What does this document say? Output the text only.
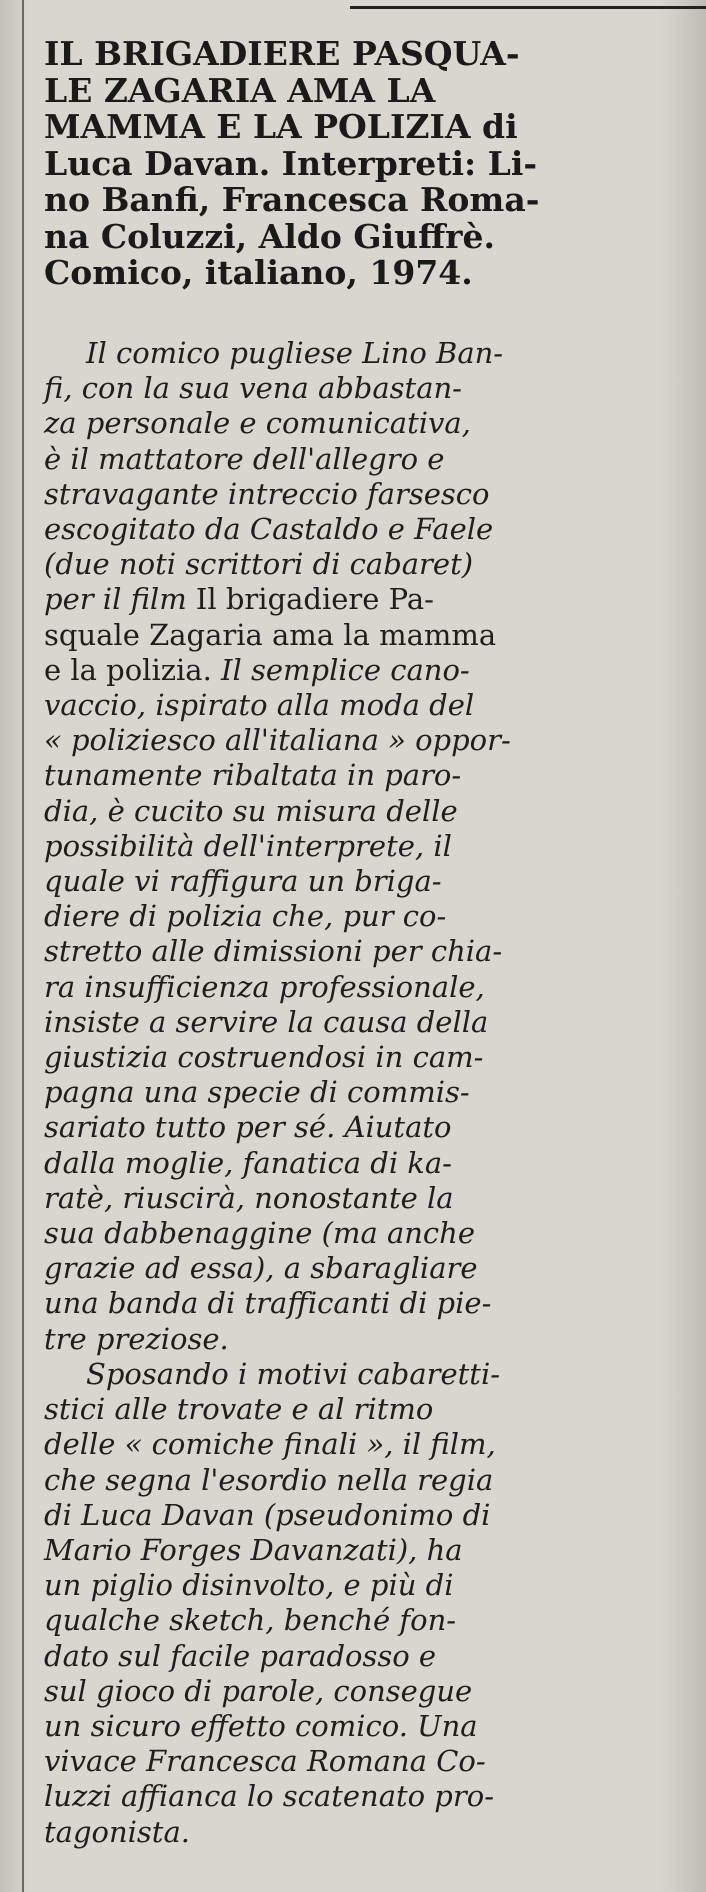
IL BRIGADIERE PASQUA-
LE ZAGARIA AMA LA
MAMMA E LA POLIZIA di
Luca Davan. Interpreti: Li-
no Banfi, Francesca Roma-
na Coluzzi, Aldo Giuffrè.
Comico, italiano, 1974.
Il comico pugliese Lino Ban-
fi, con la sua vena abbastan-
za personale e comunicativa,
è il mattatore dell'allegro e
stravagante intreccio farsesco
escogitato da Castaldo e Faele
(due noti scrittori di cabaret)
per il film Il brigadiere Pa-
squale Zagaria ama la mamma
e la polizia. Il semplice cano-
vaccio, ispirato alla moda del
« poliziesco all'italiana » oppor-
tunamente ribaltata in paro-
dia, è cucito su misura delle
possibilità dell'interprete, il
quale vi raffigura un briga-
diere di polizia che, pur co-
stretto alle dimissioni per chia-
ra insufficienza professionale,
insiste a servire la causa della
giustizia costruendosi in cam-
pagna una specie di commis-
sariato tutto per sé. Aiutato
dalla moglie, fanatica di ka-
ratè, riuscirà, nonostante la
sua dabbenaggine (ma anche
grazie ad essa), a sbaragliare
una banda di trafficanti di pie-
tre preziose.
Sposando i motivi cabaretti-
stici alle trovate e al ritmo
delle « comiche finali », il film,
che segna l'esordio nella regia
di Luca Davan (pseudonimo di
Mario Forges Davanzati), ha
un piglio disinvolto, e più di
qualche sketch, benché fon-
dato sul facile paradosso e
sul gioco di parole, consegue
un sicuro effetto comico. Una
vivace Francesca Romana Co-
luzzi affianca lo scatenato pro-
tagonista.
